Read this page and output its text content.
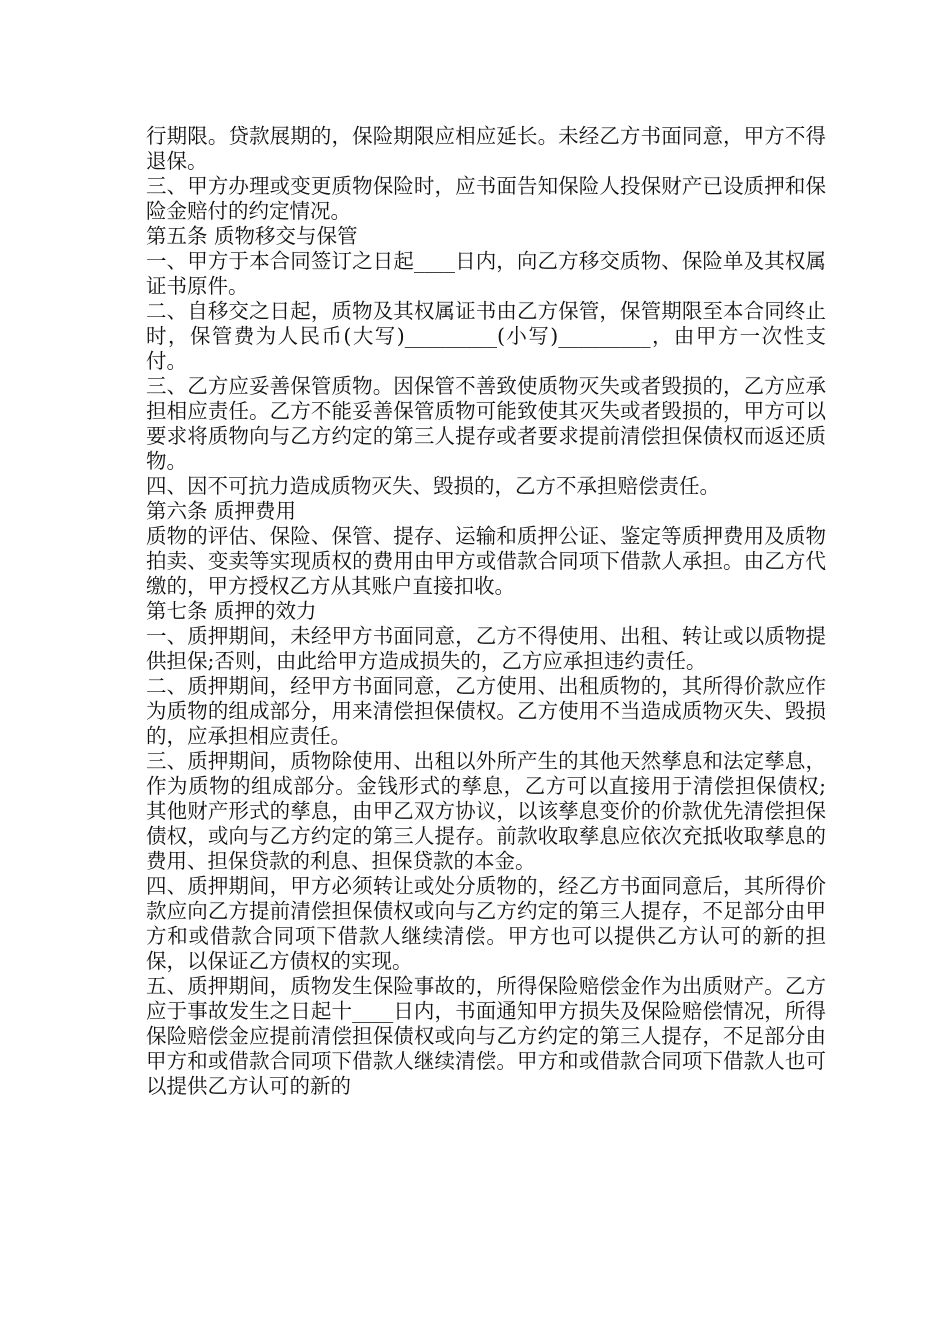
行期限。贷款展期的，保险期限应相应延长。未经乙方书面同意，甲方不得退保。

三、甲方办理或变更质物保险时，应书面告知保险人投保财产已设质押和保险金赔付的约定情况。

第五条 质物移交与保管

一、甲方于本合同签订之日起____日内，向乙方移交质物、保险单及其权属证书原件。

二、自移交之日起，质物及其权属证书由乙方保管，保管期限至本合同终止时，保管费为人民币(大写)_________(小写)_________，由甲方一次性支付。

三、乙方应妥善保管质物。因保管不善致使质物灭失或者毁损的，乙方应承担相应责任。乙方不能妥善保管质物可能致使其灭失或者毁损的，甲方可以要求将质物向与乙方约定的第三人提存或者要求提前清偿担保债权而返还质物。

四、因不可抗力造成质物灭失、毁损的，乙方不承担赔偿责任。

第六条 质押费用

质物的评估、保险、保管、提存、运输和质押公证、鉴定等质押费用及质物拍卖、变卖等实现质权的费用由甲方或借款合同项下借款人承担。由乙方代缴的，甲方授权乙方从其账户直接扣收。

第七条 质押的效力

一、质押期间，未经甲方书面同意，乙方不得使用、出租、转让或以质物提供担保;否则，由此给甲方造成损失的，乙方应承担违约责任。

二、质押期间，经甲方书面同意，乙方使用、出租质物的，其所得价款应作为质物的组成部分，用来清偿担保债权。乙方使用不当造成质物灭失、毁损的，应承担相应责任。

三、质押期间，质物除使用、出租以外所产生的其他天然孳息和法定孳息，作为质物的组成部分。金钱形式的孳息，乙方可以直接用于清偿担保债权;其他财产形式的孳息，由甲乙双方协议，以该孳息变价的价款优先清偿担保债权，或向与乙方约定的第三人提存。前款收取孳息应依次充抵收取孳息的费用、担保贷款的利息、担保贷款的本金。

四、质押期间，甲方必须转让或处分质物的，经乙方书面同意后，其所得价款应向乙方提前清偿担保债权或向与乙方约定的第三人提存，不足部分由甲方和或借款合同项下借款人继续清偿。甲方也可以提供乙方认可的新的担保，以保证乙方债权的实现。

五、质押期间，质物发生保险事故的，所得保险赔偿金作为出质财产。乙方应于事故发生之日起十____日内，书面通知甲方损失及保险赔偿情况，所得保险赔偿金应提前清偿担保债权或向与乙方约定的第三人提存，不足部分由甲方和或借款合同项下借款人继续清偿。甲方和或借款合同项下借款人也可以提供乙方认可的新的
